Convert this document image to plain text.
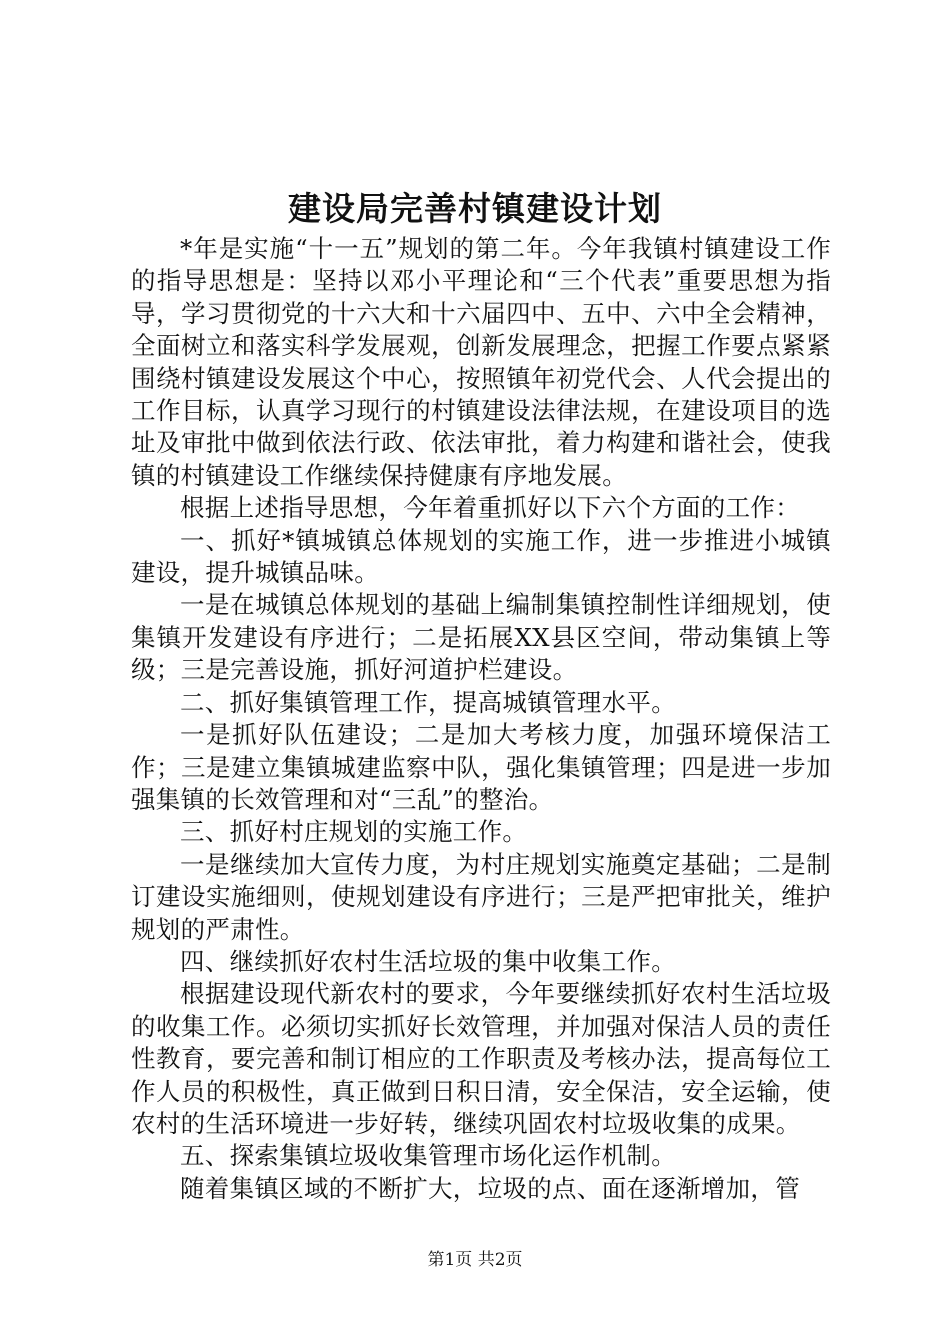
建设局完善村镇建设计划

*年是实施“十一五”规划的第二年。今年我镇村镇建设工作的指导思想是：坚持以邓小平理论和“三个代表”重要思想为指导，学习贯彻党的十六大和十六届四中、五中、六中全会精神，全面树立和落实科学发展观，创新发展理念，把握工作要点紧紧围绕村镇建设发展这个中心，按照镇年初党代会、人代会提出的工作目标，认真学习现行的村镇建设法律法规，在建设项目的选址及审批中做到依法行政、依法审批，着力构建和谐社会，使我镇的村镇建设工作继续保持健康有序地发展。

根据上述指导思想，今年着重抓好以下六个方面的工作：

一、抓好*镇城镇总体规划的实施工作，进一步推进小城镇建设，提升城镇品味。

一是在城镇总体规划的基础上编制集镇控制性详细规划，使集镇开发建设有序进行；二是拓展XX县区空间，带动集镇上等级；三是完善设施，抓好河道护栏建设。

二、抓好集镇管理工作，提高城镇管理水平。

一是抓好队伍建设；二是加大考核力度，加强环境保洁工作；三是建立集镇城建监察中队，强化集镇管理；四是进一步加强集镇的长效管理和对“三乱”的整治。

三、抓好村庄规划的实施工作。

一是继续加大宣传力度，为村庄规划实施奠定基础；二是制订建设实施细则，使规划建设有序进行；三是严把审批关，维护规划的严肃性。

四、继续抓好农村生活垃圾的集中收集工作。

根据建设现代新农村的要求，今年要继续抓好农村生活垃圾的收集工作。必须切实抓好长效管理，并加强对保洁人员的责任性教育，要完善和制订相应的工作职责及考核办法，提高每位工作人员的积极性，真正做到日积日清，安全保洁，安全运输，使农村的生活环境进一步好转，继续巩固农村垃圾收集的成果。

五、探索集镇垃圾收集管理市场化运作机制。

随着集镇区域的不断扩大，垃圾的点、面在逐渐增加，管

第1页 共2页
